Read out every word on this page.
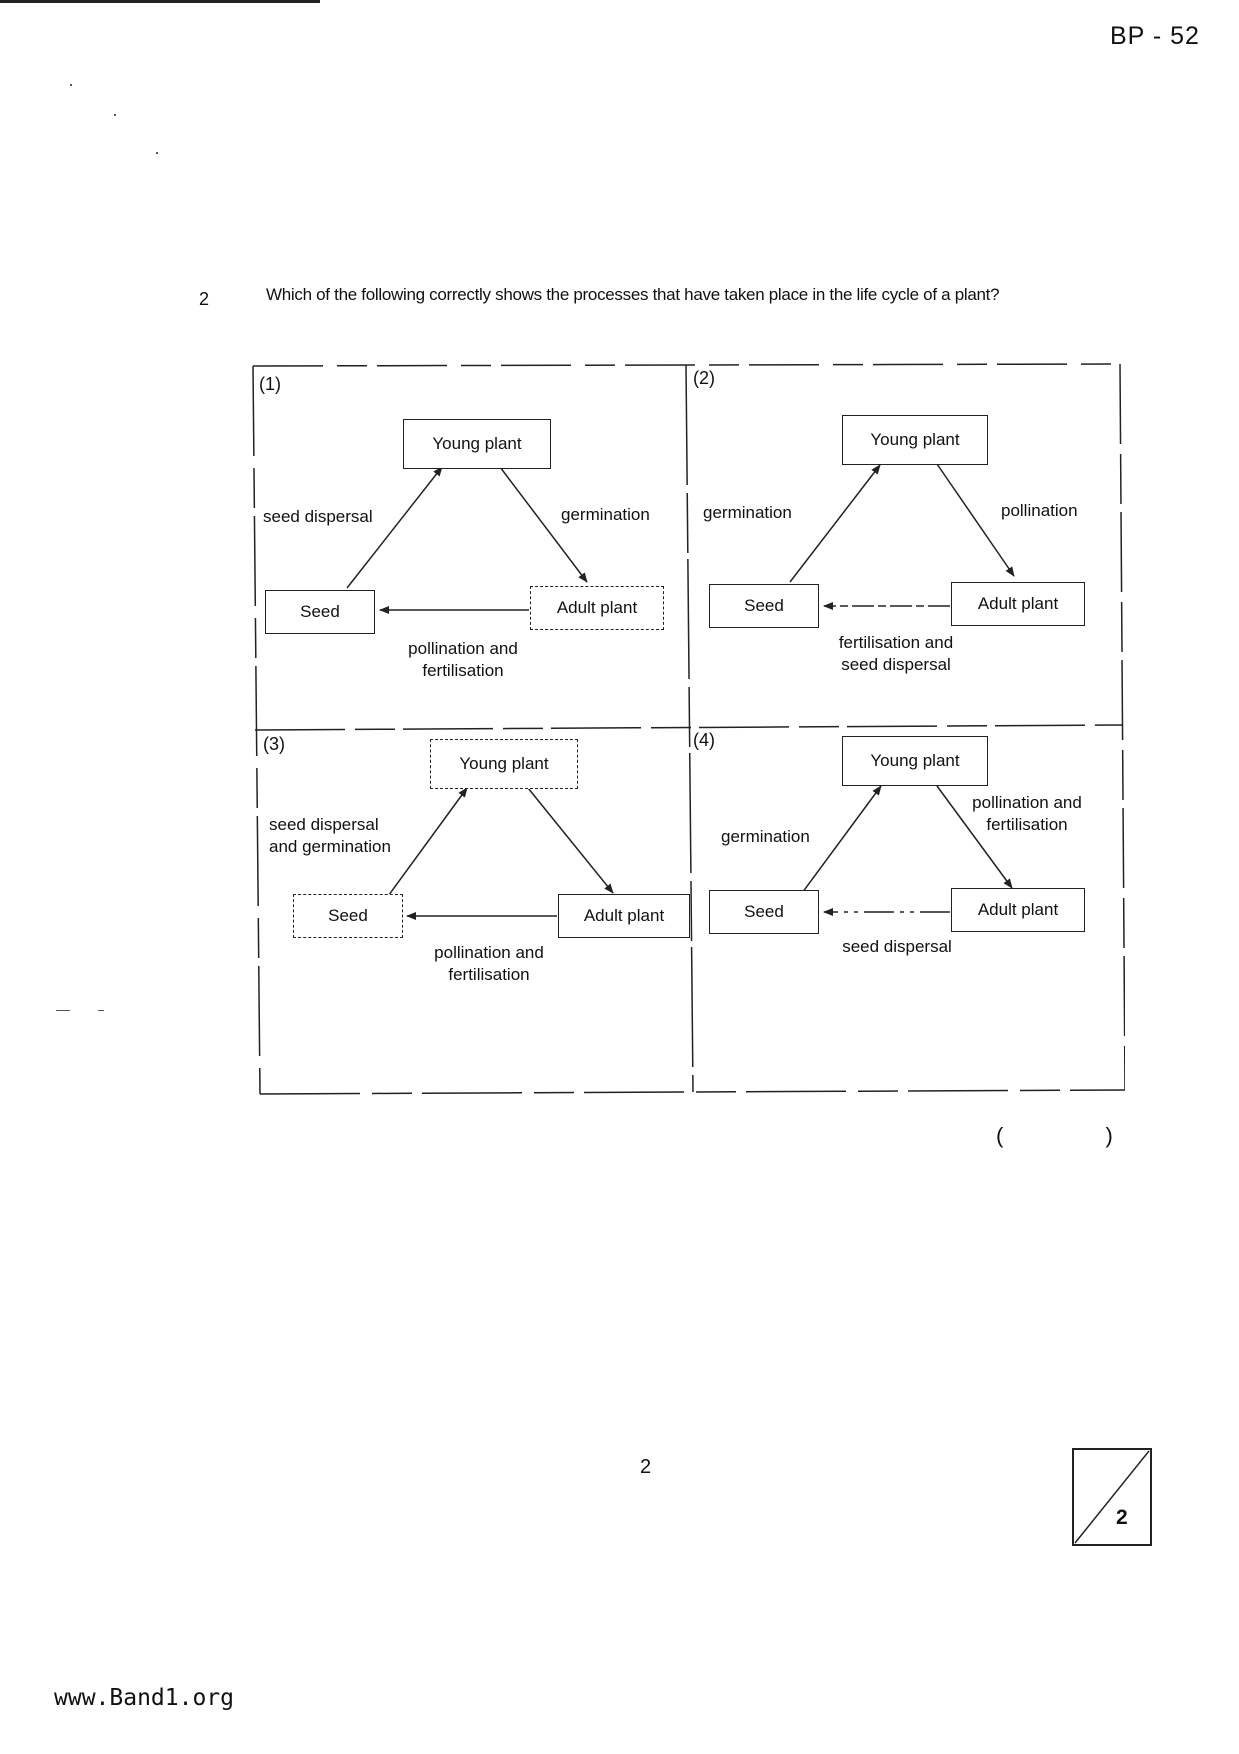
BP - 52
2	Which of the following correctly shows the processes that have taken place in the life cycle of a plant?
(1)
Young plant
Seed	Adult plant
seed dispersal	germination
pollination and
fertilisation
(2)
Young plant
Seed	Adult plant
germination	pollination
fertilisation and
seed dispersal
(3)
Young plant
Seed	Adult plant
seed dispersal
and germination
pollination and
fertilisation
(4)
Young plant
Seed	Adult plant
germination
pollination and
fertilisation
seed dispersal
( )
2
2
www.Band1.org
